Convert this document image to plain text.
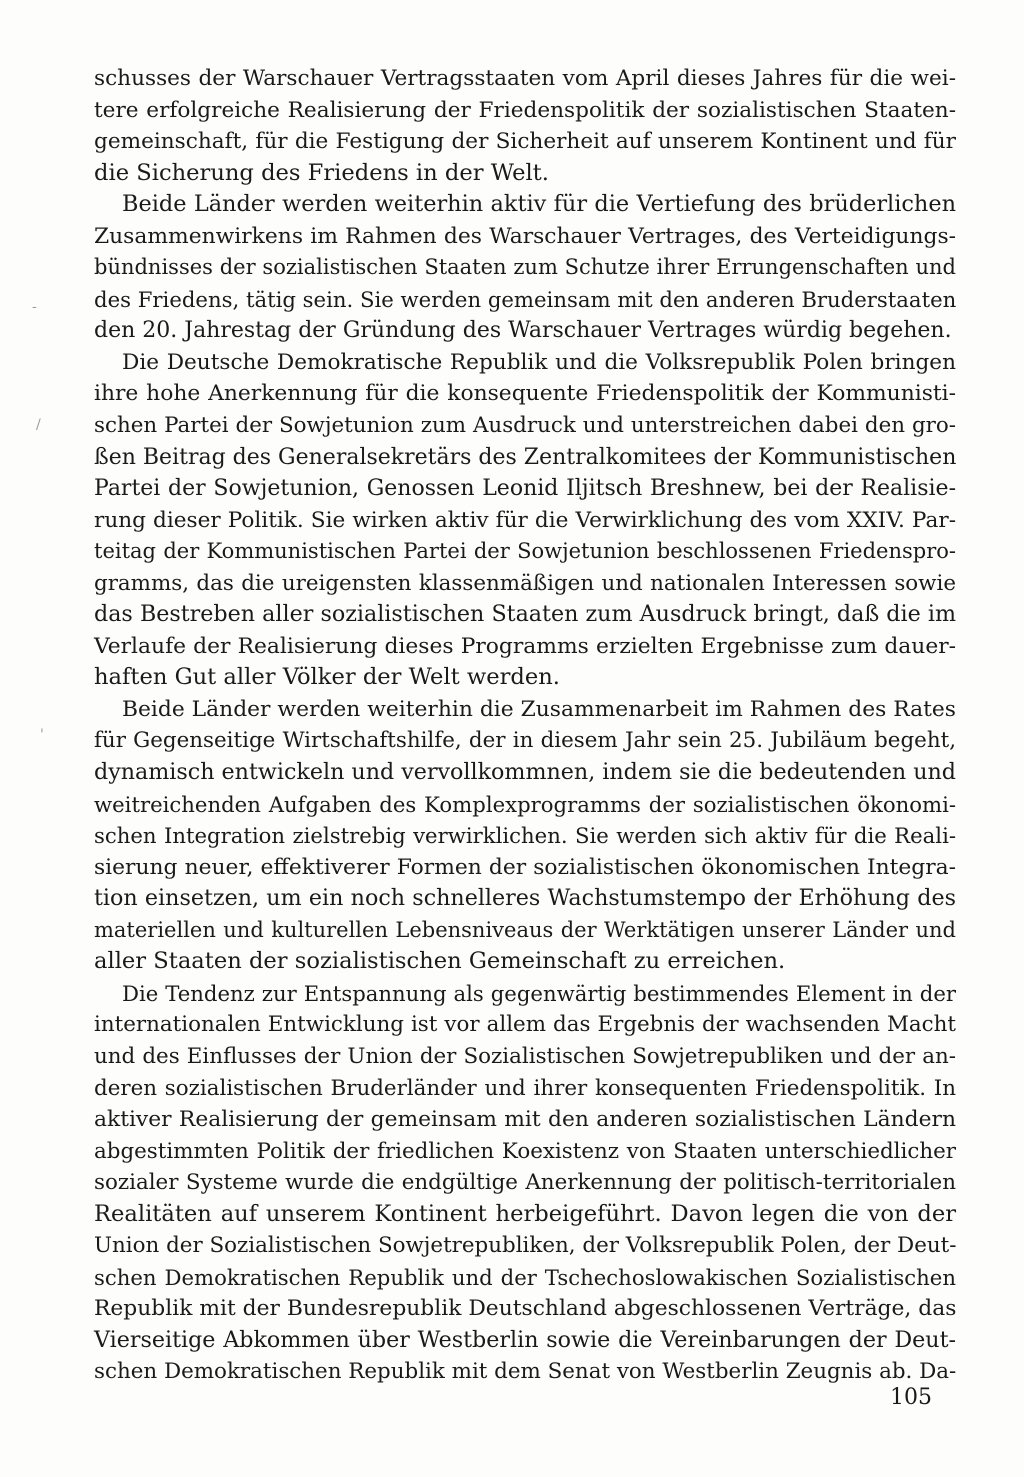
schusses der Warschauer Vertragsstaaten vom April dieses Jahres für die wei-
tere erfolgreiche Realisierung der Friedenspolitik der sozialistischen Staaten-
gemeinschaft, für die Festigung der Sicherheit auf unserem Kontinent und für
die Sicherung des Friedens in der Welt.
Beide Länder werden weiterhin aktiv für die Vertiefung des brüderlichen
Zusammenwirkens im Rahmen des Warschauer Vertrages, des Verteidigungs-
bündnisses der sozialistischen Staaten zum Schutze ihrer Errungenschaften und
des Friedens, tätig sein. Sie werden gemeinsam mit den anderen Bruderstaaten
den 20. Jahrestag der Gründung des Warschauer Vertrages würdig begehen.
Die Deutsche Demokratische Republik und die Volksrepublik Polen bringen
ihre hohe Anerkennung für die konsequente Friedenspolitik der Kommunisti-
schen Partei der Sowjetunion zum Ausdruck und unterstreichen dabei den gro-
ßen Beitrag des Generalsekretärs des Zentralkomitees der Kommunistischen
Partei der Sowjetunion, Genossen Leonid Iljitsch Breshnew, bei der Realisie-
rung dieser Politik. Sie wirken aktiv für die Verwirklichung des vom XXIV. Par-
teitag der Kommunistischen Partei der Sowjetunion beschlossenen Friedenspro-
gramms, das die ureigensten klassenmäßigen und nationalen Interessen sowie
das Bestreben aller sozialistischen Staaten zum Ausdruck bringt, daß die im
Verlaufe der Realisierung dieses Programms erzielten Ergebnisse zum dauer-
haften Gut aller Völker der Welt werden.
Beide Länder werden weiterhin die Zusammenarbeit im Rahmen des Rates
für Gegenseitige Wirtschaftshilfe, der in diesem Jahr sein 25. Jubiläum begeht,
dynamisch entwickeln und vervollkommnen, indem sie die bedeutenden und
weitreichenden Aufgaben des Komplexprogramms der sozialistischen ökonomi-
schen Integration zielstrebig verwirklichen. Sie werden sich aktiv für die Reali-
sierung neuer, effektiverer Formen der sozialistischen ökonomischen Integra-
tion einsetzen, um ein noch schnelleres Wachstumstempo der Erhöhung des
materiellen und kulturellen Lebensniveaus der Werktätigen unserer Länder und
aller Staaten der sozialistischen Gemeinschaft zu erreichen.
Die Tendenz zur Entspannung als gegenwärtig bestimmendes Element in der
internationalen Entwicklung ist vor allem das Ergebnis der wachsenden Macht
und des Einflusses der Union der Sozialistischen Sowjetrepubliken und der an-
deren sozialistischen Bruderländer und ihrer konsequenten Friedenspolitik. In
aktiver Realisierung der gemeinsam mit den anderen sozialistischen Ländern
abgestimmten Politik der friedlichen Koexistenz von Staaten unterschiedlicher
sozialer Systeme wurde die endgültige Anerkennung der politisch-territorialen
Realitäten auf unserem Kontinent herbeigeführt. Davon legen die von der
Union der Sozialistischen Sowjetrepubliken, der Volksrepublik Polen, der Deut-
schen Demokratischen Republik und der Tschechoslowakischen Sozialistischen
Republik mit der Bundesrepublik Deutschland abgeschlossenen Verträge, das
Vierseitige Abkommen über Westberlin sowie die Vereinbarungen der Deut-
schen Demokratischen Republik mit dem Senat von Westberlin Zeugnis ab. Da-
105
-
/
'
